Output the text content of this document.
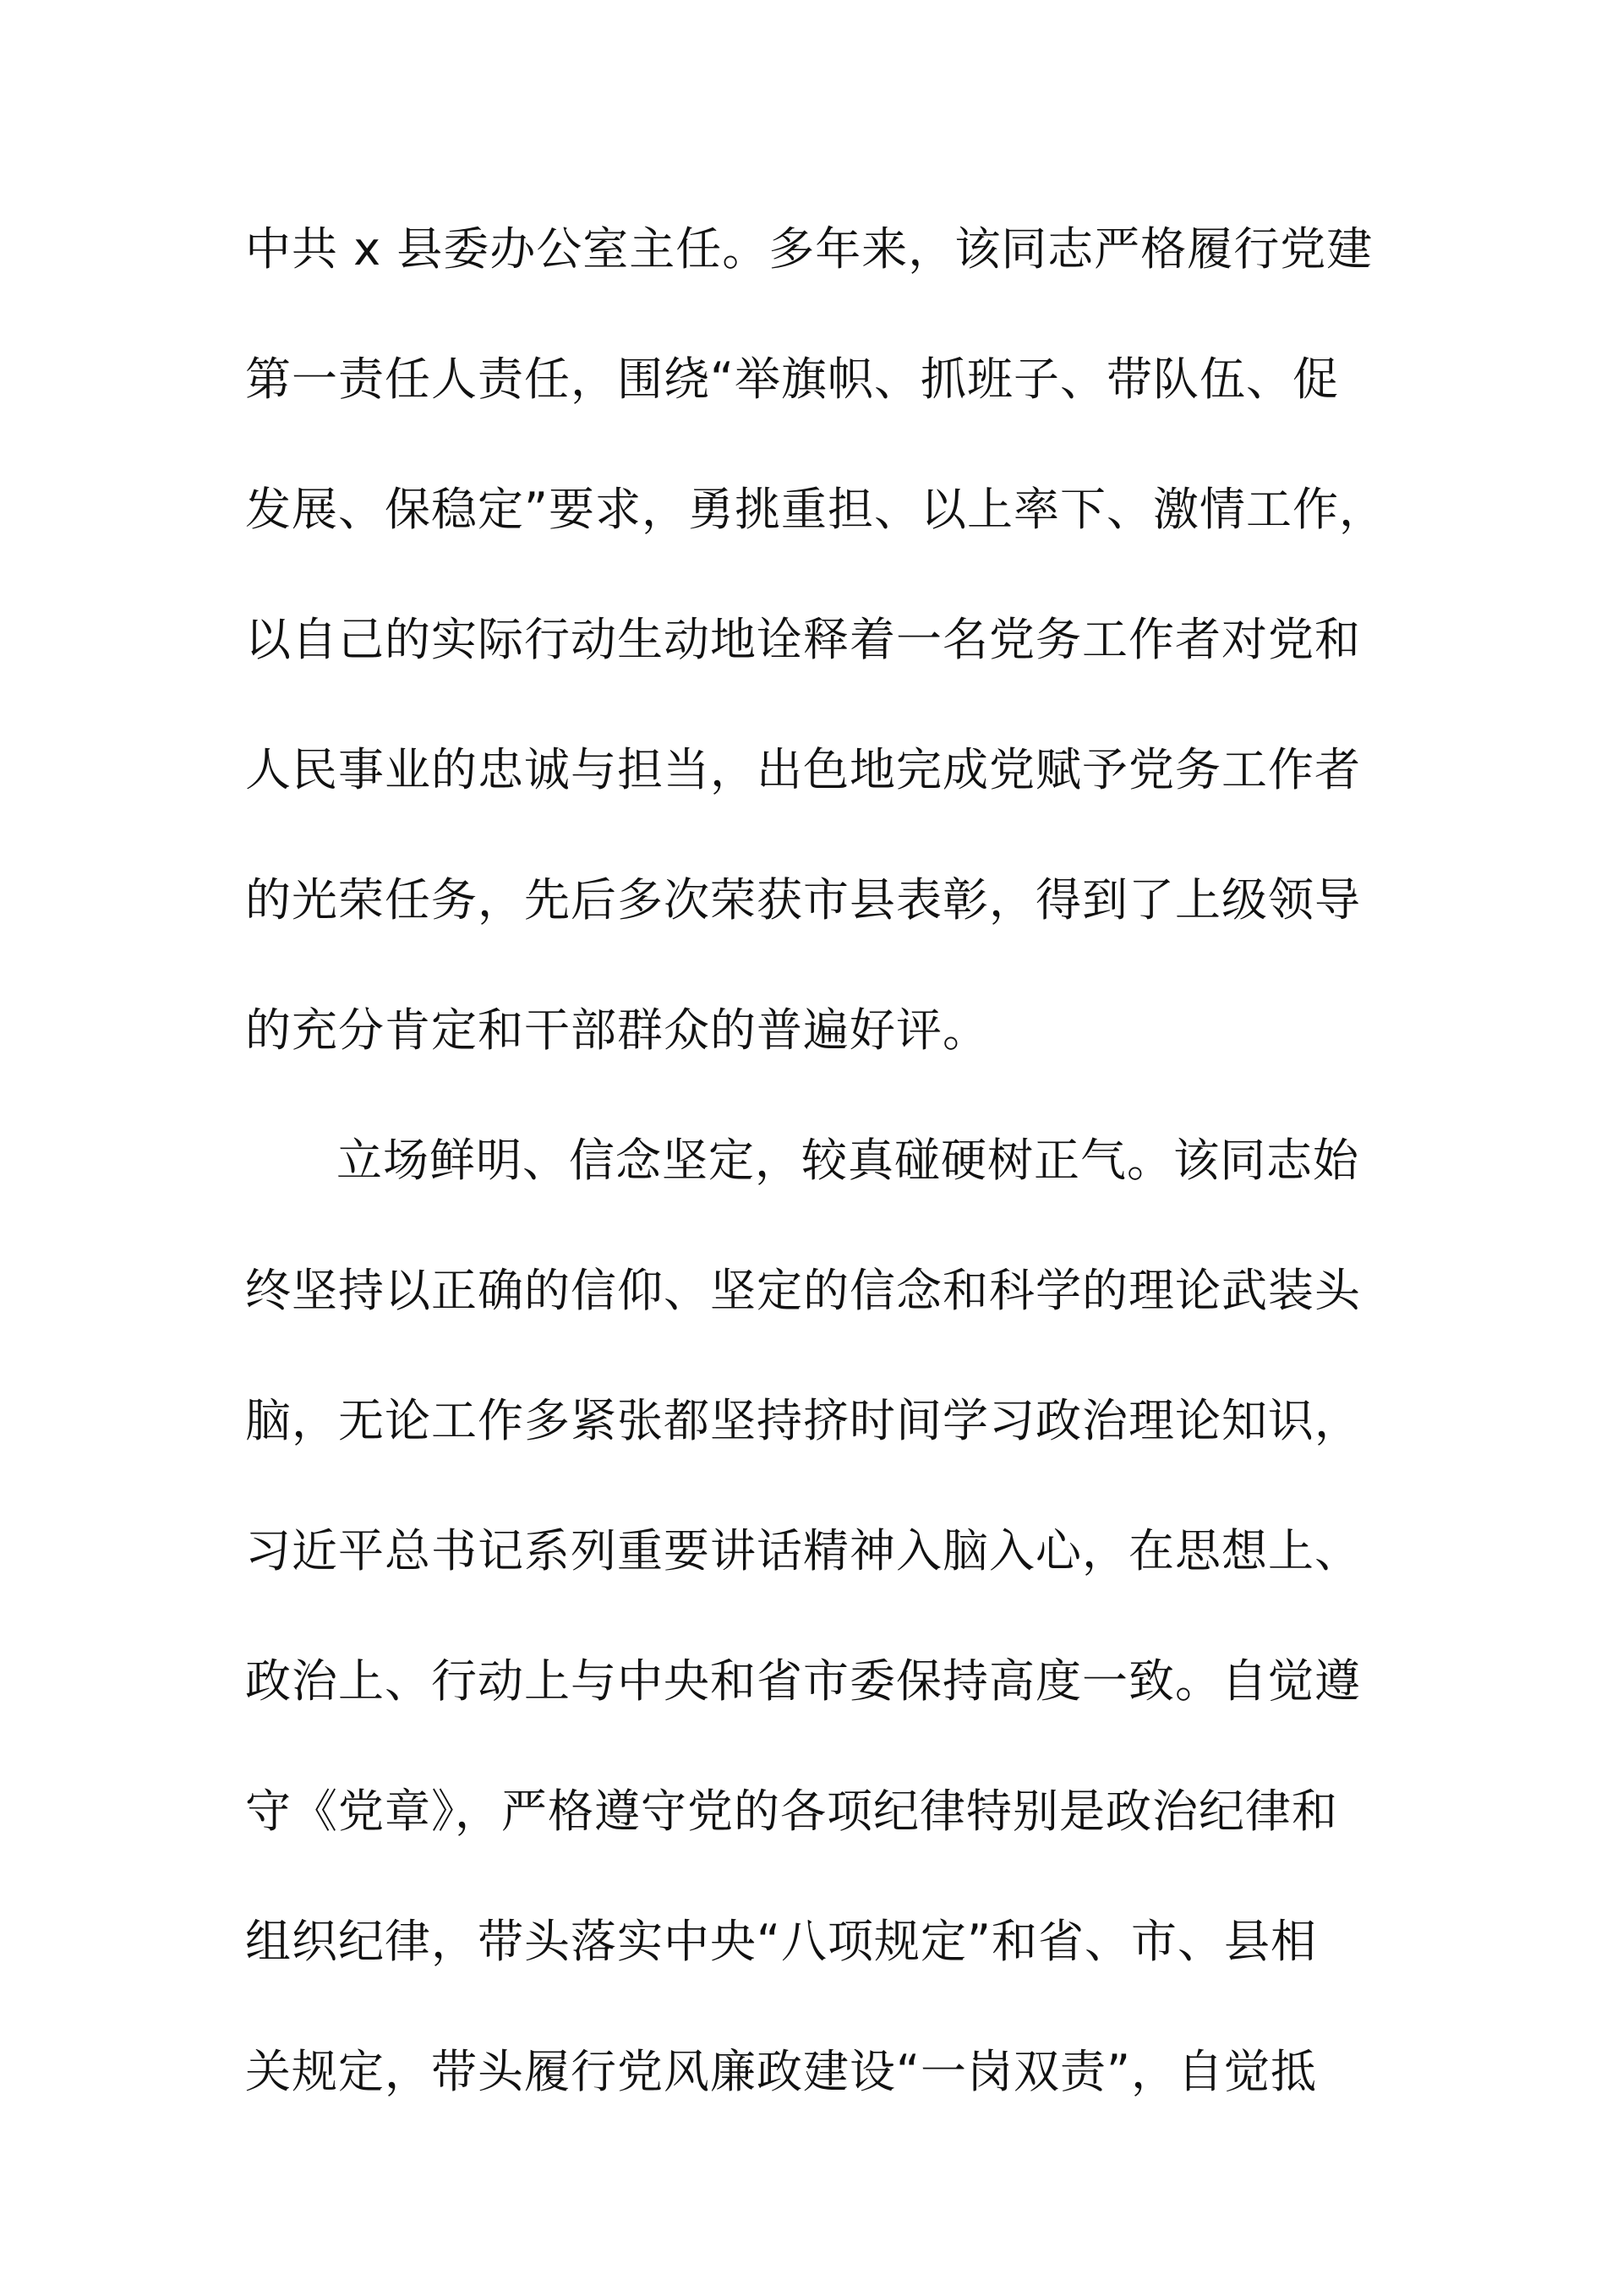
中共 x 县委办公室主任。多年来，该同志严格履行党建
第一责任人责任，围绕“举旗帜、抓班子、带队伍、促
发展、保稳定”要求，勇挑重担、以上率下、激情工作，
以自己的实际行动生动地诠释着一名党务工作者对党和
人民事业的忠诚与担当，出色地完成党赋予党务工作者
的光荣任务，先后多次荣获市县表彰，得到了上级领导
的充分肯定和干部群众的普遍好评。
立场鲜明、信念坚定，较真碰硬树正气。该同志始
终坚持以正确的信仰、坚定的信念和科学的理论武装头
脑，无论工作多紧张都坚持挤时间学习政治理论知识，
习近平总书记系列重要讲话精神入脑入心，在思想上、
政治上、行动上与中央和省市委保持高度一致。自觉遵
守《党章》，严格遵守党的各项纪律特别是政治纪律和
组织纪律，带头落实中央“八项规定”和省、市、县相
关规定，带头履行党风廉政建设“一岗双责”，自觉抵
